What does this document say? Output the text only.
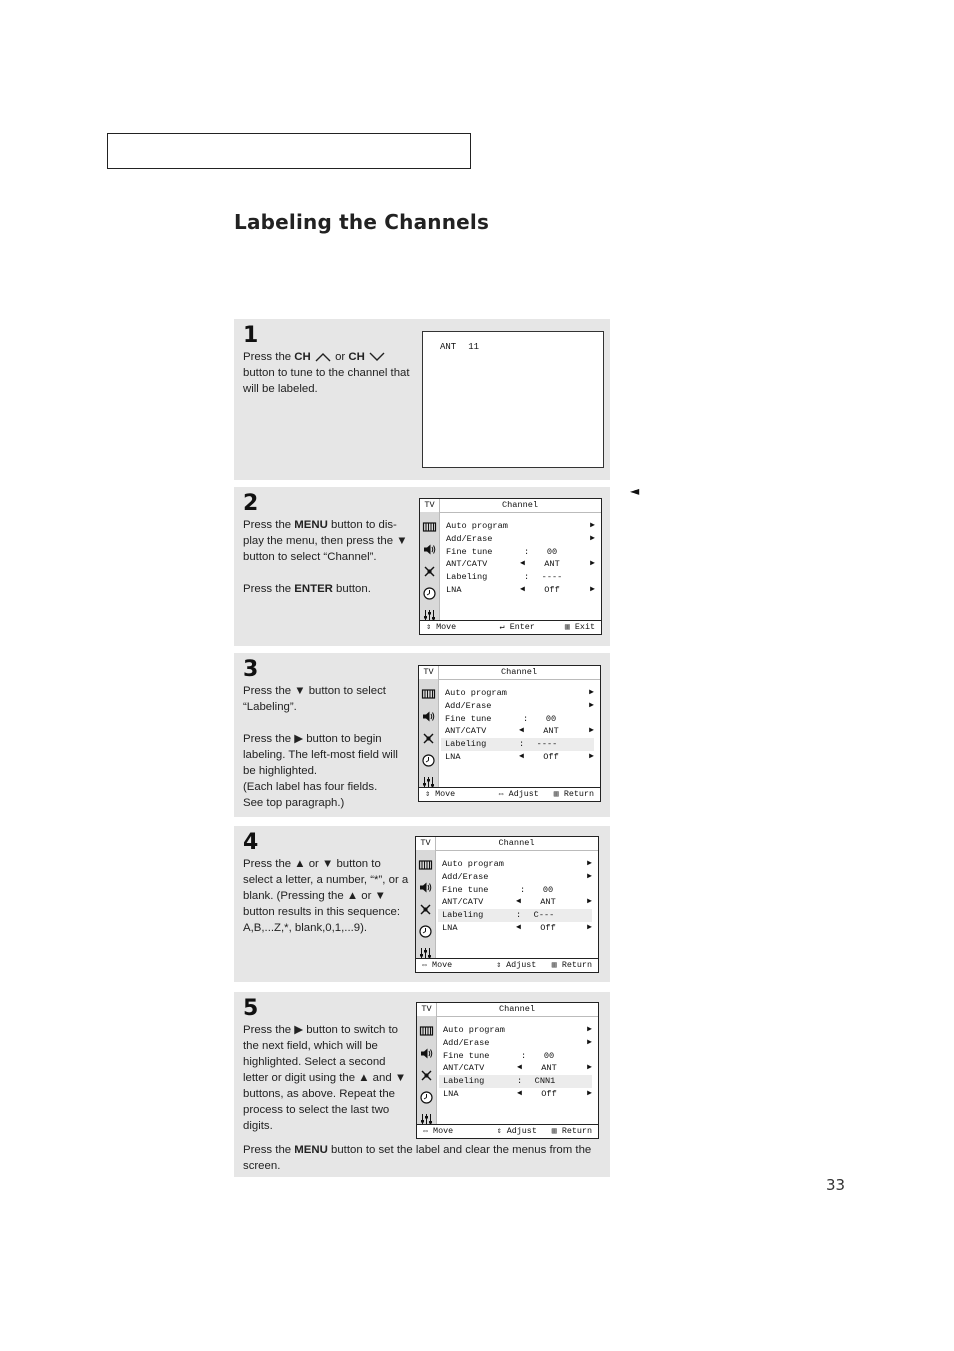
Labeling the Channels
◄
33
1

Press the CH  or CH  button to tune to the channel that will be labeled.

ANT 11
2

Press the MENU button to dis-play the menu, then press the ▼ button to select “Channel”.

Press the ENTER button.

TV	Channel
Auto program	▶
Add/Erase	▶
Fine tune	:	00
ANT/CATV	◀	ANT	▶
Labeling	:	----
LNA	◀	Off	▶
⇕ Move	↵ Enter	▥ Exit
3

Press the ▼ button to select “Labeling”.

Press the ▶ button to begin labeling. The left-most field will be highlighted.
(Each label has four fields.
See top paragraph.)

TV	Channel
Auto program	▶
Add/Erase	▶
Fine tune	:	00
ANT/CATV	◀	ANT	▶
Labeling	:	----
LNA	◀	Off	▶
⇕ Move	⇔ Adjust ▥ Return
4

Press the ▲ or ▼ button to select a letter, a number, “*”, or a blank. (Pressing the ▲ or ▼ button results in this sequence: A,B,...Z,*, blank,0,1,...9).

TV	Channel
Auto program	▶
Add/Erase	▶
Fine tune	:	00
ANT/CATV	◀	ANT	▶
Labeling	:	C---
LNA	◀	Off	▶
⇔ Move	⇕ Adjust ▥ Return
5

Press the ▶ button to switch to the next field, which will be highlighted. Select a second letter or digit using the ▲ and ▼ buttons, as above. Repeat the process to select the last two digits.

Press the MENU button to set the label and clear the menus from the screen.
TV	Channel
Auto program	▶
Add/Erase	▶
Fine tune	:	00
ANT/CATV	◀	ANT	▶
Labeling	:	CNN1
LNA	◀	Off	▶
⇔ Move	⇕ Adjust ▥ Return
